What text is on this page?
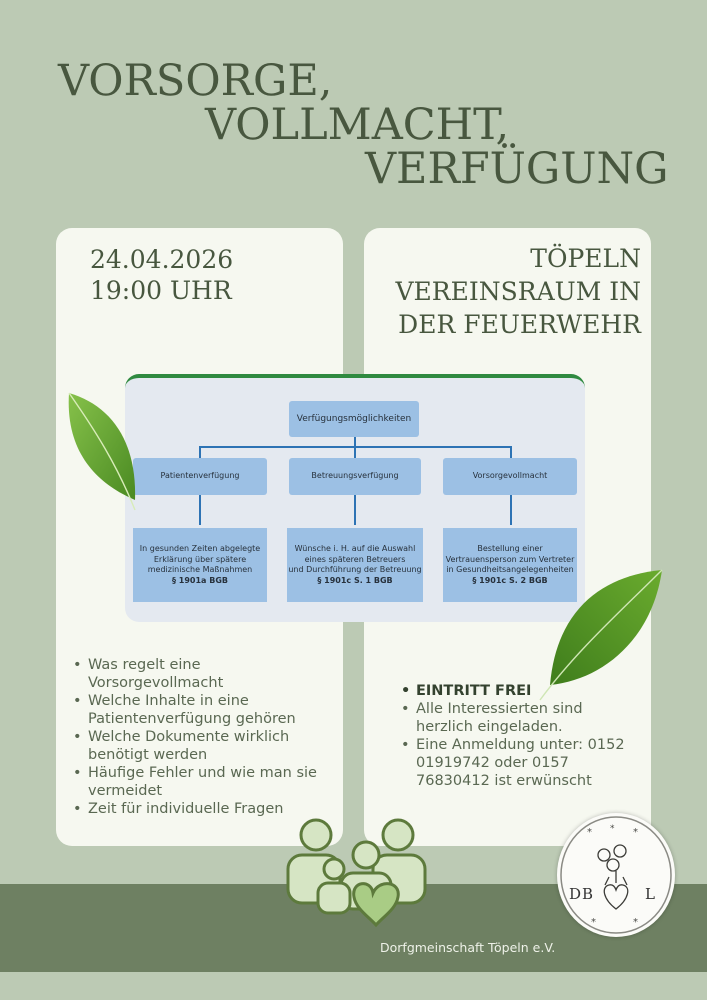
VORSORGE,
VOLLMACHT,
VERFÜGUNG
24.04.2026
19:00 UHR
TÖPELN
VEREINSRAUM IN
DER FEUERWEHR
Verfügungsmöglichkeiten
Patientenverfügung	Betreuungsverfügung	Vorsorgevollmacht
In gesunden Zeiten abgelegte
Erklärung über spätere
medizinische Maßnahmen
§ 1901a BGB
Wünsche i. H. auf die Auswahl
eines späteren Betreuers
und Durchführung der Betreuung
§ 1901c S. 1 BGB
Bestellung einer
Vertrauensperson zum Vertreter
in Gesundheitsangelegenheiten
§ 1901c S. 2 BGB
• Was regelt eine Vorsorgevollmacht
• Welche Inhalte in eine Patientenverfügung gehören
• Welche Dokumente wirklich benötigt werden
• Häufige Fehler und wie man sie vermeidet
• Zeit für individuelle Fragen
• EINTRITT FREI
• Alle Interessierten sind herzlich eingeladen.
• Eine Anmeldung unter: 0152 01919742 oder 0157 76830412 ist erwünscht
* * *
*	*
D B	L
Dorfgmeinschaft Töpeln e.V.
